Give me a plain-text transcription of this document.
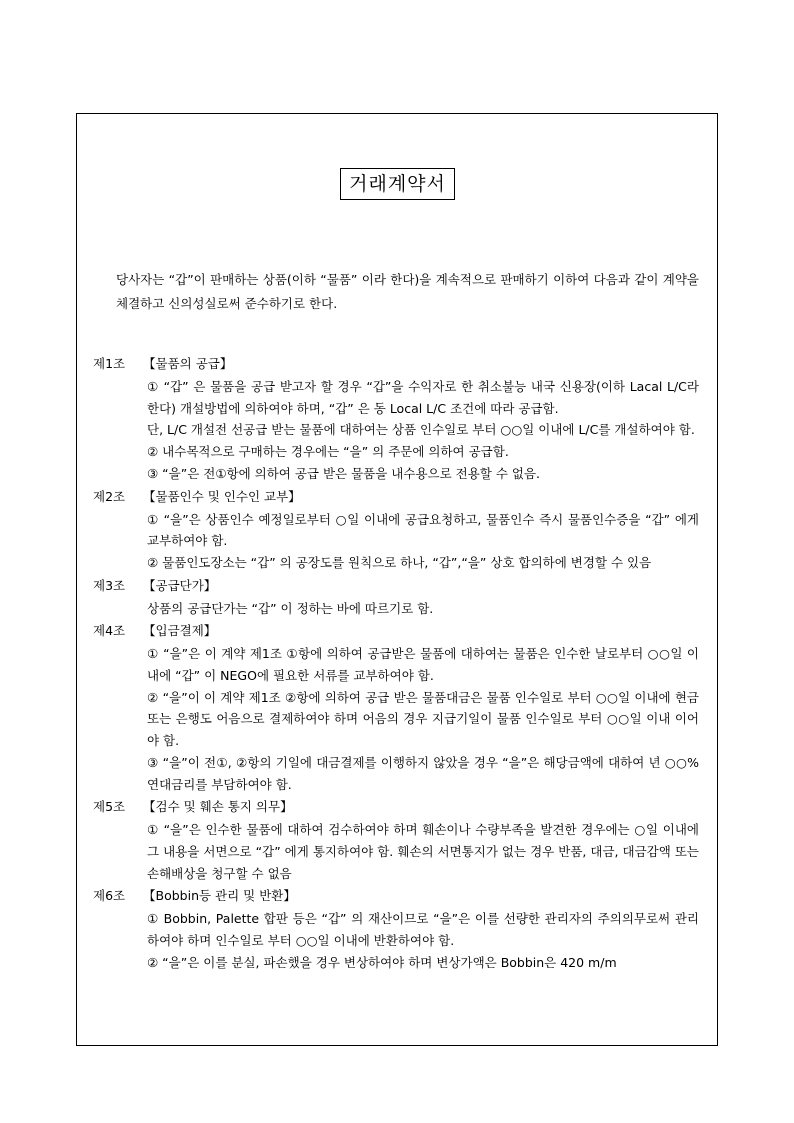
거래계약서
당사자는 “갑”이 판매하는 상품(이하 “물품” 이라 한다)을 계속적으로 판매하기 이하여 다음과 같이 계약을 체결하고 신의성실로써 준수하기로 한다.
제1조 【물품의 공급】
① “갑” 은 물품을 공급 받고자 할 경우 “갑”을 수익자로 한 취소불능 내국 신용장(이하 Lacal L/C라 한다) 개설방법에 의하여야 하며, “갑” 은 동 Local L/C 조건에 따라 공급함.
단, L/C 개설전 선공급 받는 물품에 대하여는 상품 인수일로 부터 ○○일 이내에 L/C를 개설하여야 함.
② 내수목적으로 구매하는 경우에는 “을” 의 주문에 의하여 공급함.
③ “을”은 전①항에 의하여 공급 받은 물품을 내수용으로 전용할 수 없음.
제2조 【물품인수 및 인수인 교부】
① “을”은 상품인수 예정일로부터 ○일 이내에 공급요청하고, 물품인수 즉시 물품인수증을 “갑” 에게 교부하여야 함.
② 물품인도장소는 “갑” 의 공장도를 원칙으로 하나, “갑”,“을” 상호 합의하에 변경할 수 있음
제3조 【공급단가】
상품의 공급단가는 “갑” 이 정하는 바에 따르기로 함.
제4조 【입금결제】
① “을”은 이 계약 제1조 ①항에 의하여 공급받은 물품에 대하여는 물품은 인수한 날로부터 ○○일 이내에 “갑” 이 NEGO에 필요한 서류를 교부하여야 함.
② “을”이 이 계약 제1조 ②항에 의하여 공급 받은 물품대금은 물품 인수일로 부터 ○○일 이내에 현금 또는 은행도 어음으로 결제하여야 하며 어음의 경우 지급기일이 물품 인수일로 부터 ○○일 이내 이어야 함.
③ “을”이 전①, ②항의 기일에 대금결제를 이행하지 않았을 경우 “을”은 해당금액에 대하여 년 ○○% 연대금리를 부담하여야 함.
제5조 【검수 및 훼손 통지 의무】
① “을”은 인수한 물품에 대하여 검수하여야 하며 훼손이나 수량부족을 발견한 경우에는 ○일 이내에 그 내용을 서면으로 “갑” 에게 통지하여야 함. 훼손의 서면통지가 없는 경우 반품, 대금, 대금감액 또는 손해배상을 청구할 수 없음
제6조 【Bobbin등 관리 및 반환】
① Bobbin, Palette 합판 등은 “갑” 의 재산이므로 “을”은 이를 선량한 관리자의 주의의무로써 관리하여야 하며 인수일로 부터 ○○일 이내에 반환하여야 함.
② “을”은 이를 분실, 파손했을 경우 변상하여야 하며 변상가액은 Bobbin은 420 m/m
